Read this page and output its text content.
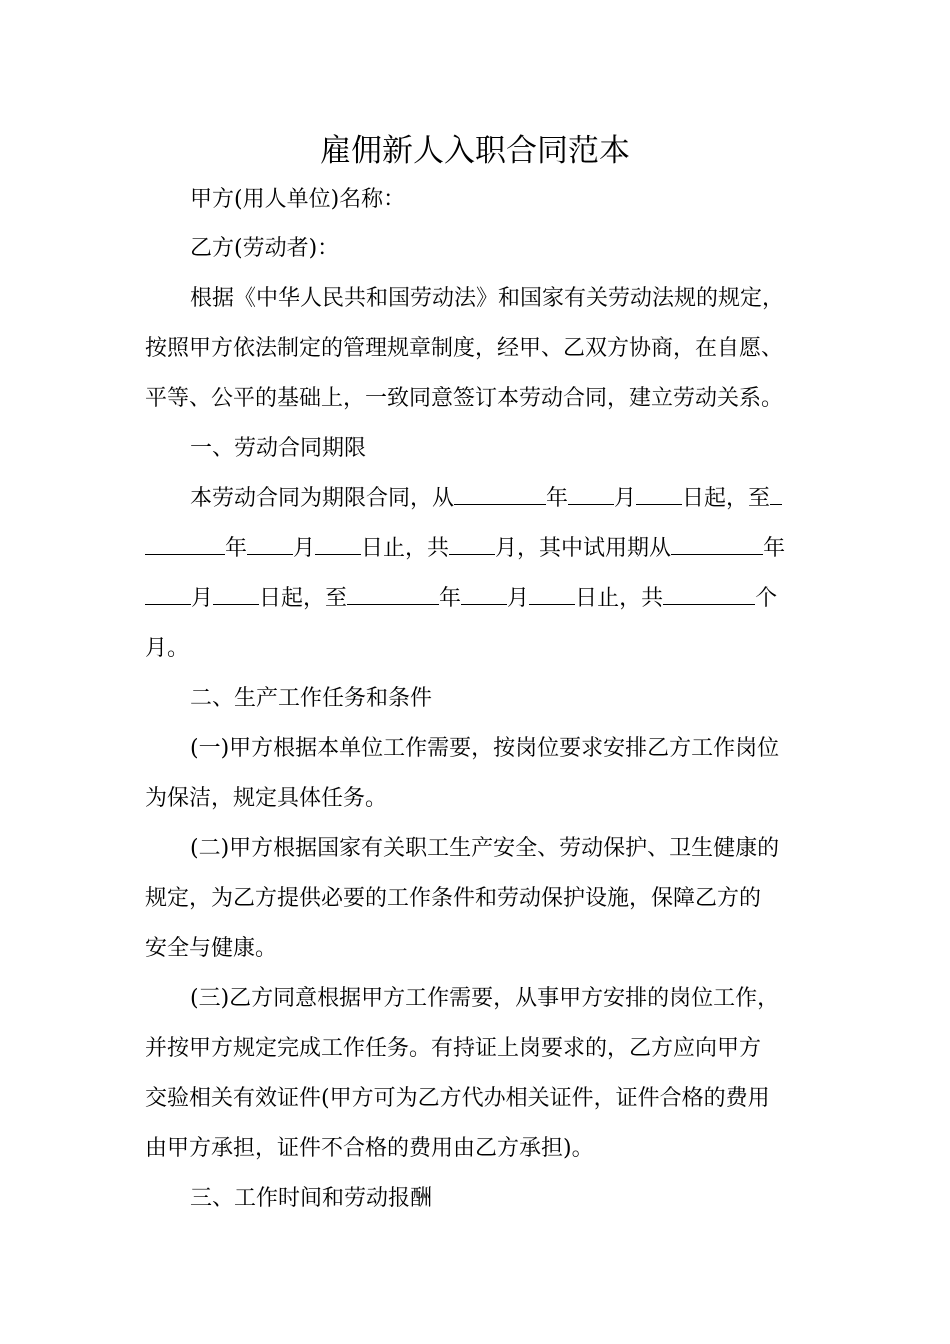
雇佣新人入职合同范本
甲方(用人单位)名称：
乙方(劳动者)：
根据《中华人民共和国劳动法》和国家有关劳动法规的规定，
按照甲方依法制定的管理规章制度，经甲、乙双方协商，在自愿、
平等、公平的基础上，一致同意签订本劳动合同，建立劳动关系。
一、劳动合同期限
本劳动合同为期限合同，从	年 月 日起，至
年 月 日止，共 月，其中试用期从	年
月 日起，至	年 月 日止，共	个
月。
二、生产工作任务和条件
(一)甲方根据本单位工作需要，按岗位要求安排乙方工作岗位
为保洁，规定具体任务。
(二)甲方根据国家有关职工生产安全、劳动保护、卫生健康的
规定，为乙方提供必要的工作条件和劳动保护设施，保障乙方的
安全与健康。
(三)乙方同意根据甲方工作需要，从事甲方安排的岗位工作，
并按甲方规定完成工作任务。有持证上岗要求的，乙方应向甲方
交验相关有效证件(甲方可为乙方代办相关证件，证件合格的费用
由甲方承担，证件不合格的费用由乙方承担)。
三、工作时间和劳动报酬
